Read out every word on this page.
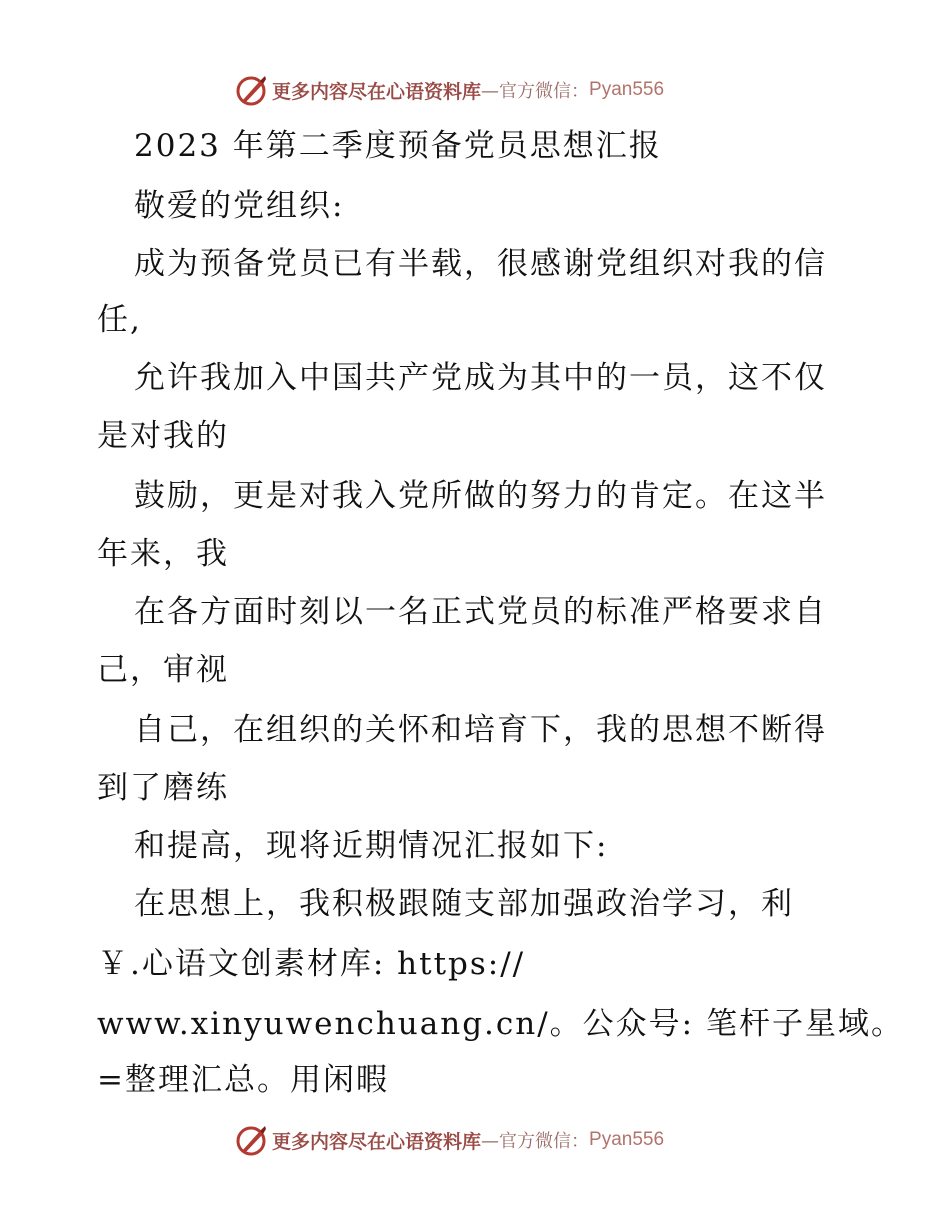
更多内容尽在心语资料库 —官方微信： Pyan556
2023 年第二季度预备党员思想汇报
敬爱的党组织:
成为预备党员已有半载，很感谢党组织对我的信
任,
允许我加入中国共产党成为其中的一员，这不仅
是对我的
鼓励，更是对我入党所做的努力的肯定。在这半
年来，我
在各方面时刻以一名正式党员的标准严格要求自
己，审视
自己，在组织的关怀和培育下，我的思想不断得
到了磨练
和提高，现将近期情况汇报如下:
在思想上，我积极跟随支部加强政治学习，利
￥.心语文创素材库: https://
www.xinyuwenchuang.cn/。公众号: 笔杆子星域。
=整理汇总。用闲暇
更多内容尽在心语资料库 —官方微信： Pyan556
